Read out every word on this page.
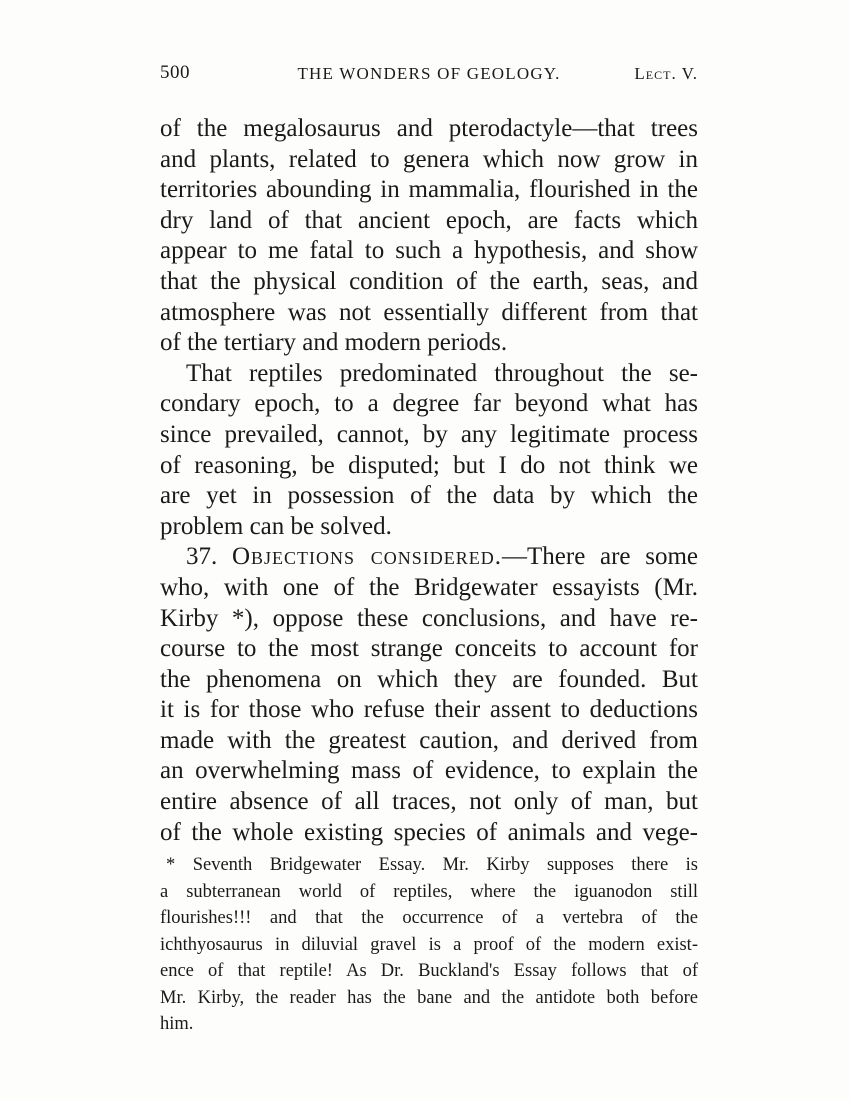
500	THE WONDERS OF GEOLOGY.	Lect. V.
of the megalosaurus and pterodactyle—that trees
and plants, related to genera which now grow in
territories abounding in mammalia, flourished in the
dry land of that ancient epoch, are facts which
appear to me fatal to such a hypothesis, and show
that the physical condition of the earth, seas, and
atmosphere was not essentially different from that
of the tertiary and modern periods.
That reptiles predominated throughout the se-
condary epoch, to a degree far beyond what has
since prevailed, cannot, by any legitimate process
of reasoning, be disputed; but I do not think we
are yet in possession of the data by which the
problem can be solved.
37. Objections considered.—There are some
who, with one of the Bridgewater essayists (Mr.
Kirby *), oppose these conclusions, and have re-
course to the most strange conceits to account for
the phenomena on which they are founded. But
it is for those who refuse their assent to deductions
made with the greatest caution, and derived from
an overwhelming mass of evidence, to explain the
entire absence of all traces, not only of man, but
of the whole existing species of animals and vege-
* Seventh Bridgewater Essay. Mr. Kirby supposes there is
a subterranean world of reptiles, where the iguanodon still
flourishes!!! and that the occurrence of a vertebra of the
ichthyosaurus in diluvial gravel is a proof of the modern exist-
ence of that reptile! As Dr. Buckland's Essay follows that of
Mr. Kirby, the reader has the bane and the antidote both before
him.
